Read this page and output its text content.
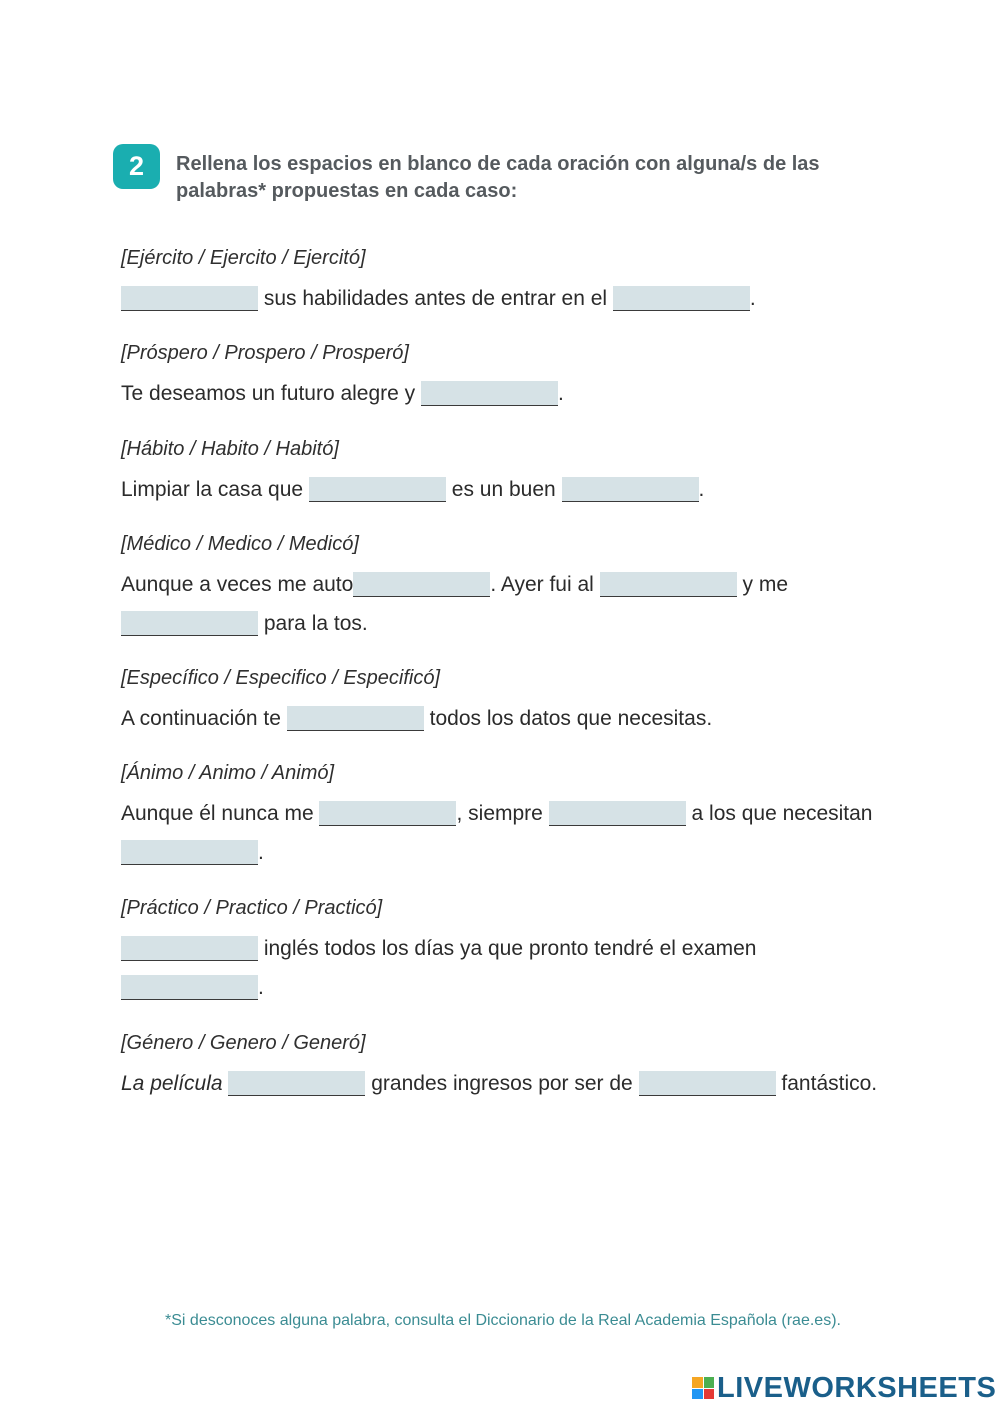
2	Rellena los espacios en blanco de cada oración con alguna/s de las palabras* propuestas en cada caso:
[Ejército / Ejercito / Ejercitó]
sus habilidades antes de entrar en el	.
[Próspero / Prospero / Prosperó]
Te deseamos un futuro alegre y	.
[Hábito / Habito / Habitó]
Limpiar la casa que	es un buen	.
[Médico / Medico / Medicó]
Aunque a veces me auto	. Ayer fui al	y me
para la tos.
[Específico / Especifico / Especificó]
A continuación te	todos los datos que necesitas.
[Ánimo / Animo / Animó]
Aunque él nunca me	, siempre	a los que necesitan
.
[Práctico / Practico / Practicó]
inglés todos los días ya que pronto tendré el examen
.
[Género / Genero / Generó]
La película	grandes ingresos por ser de	fantástico.
*Si desconoces alguna palabra, consulta el Diccionario de la Real Academia Española (rae.es).
LIVEWORKSHEETS
